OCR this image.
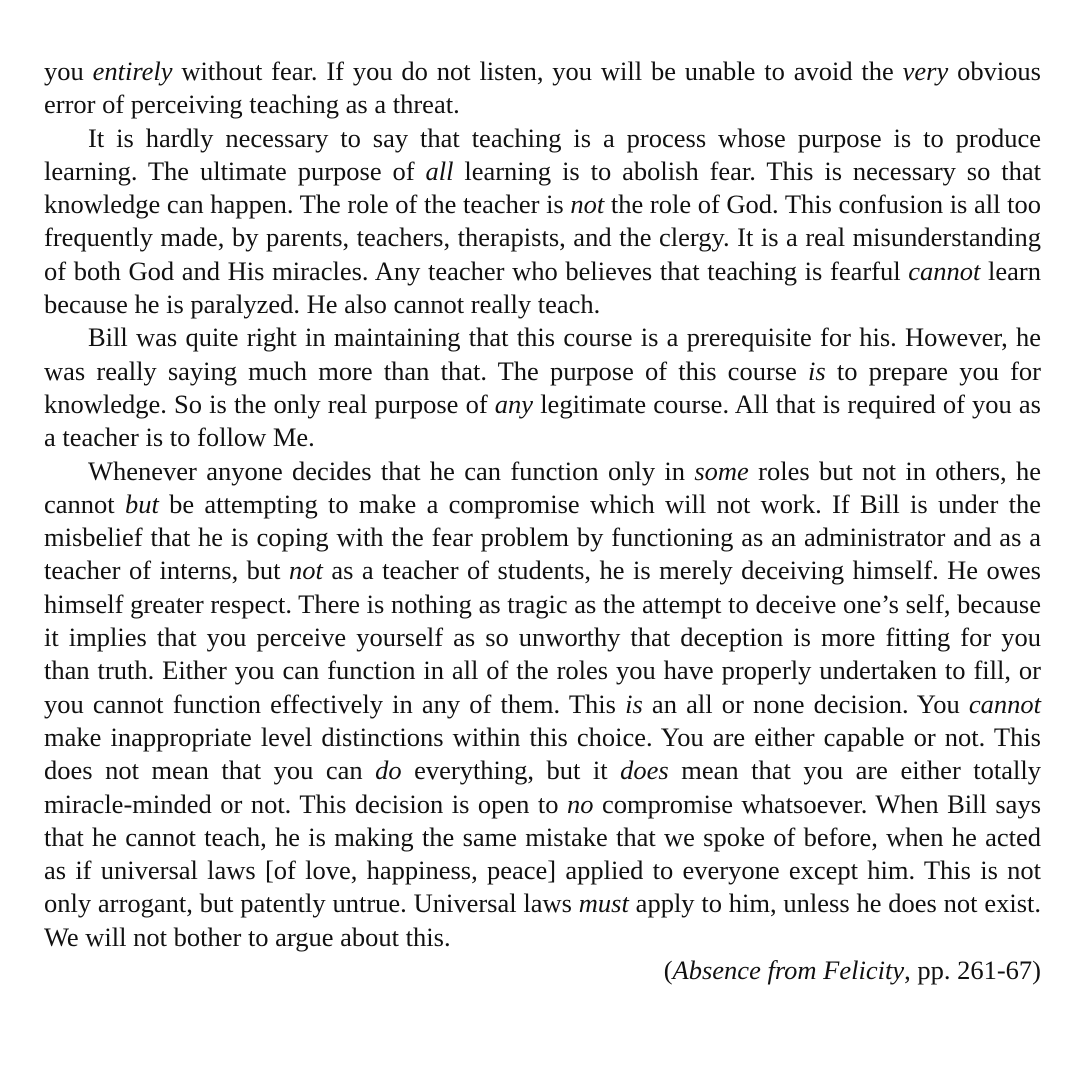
you entirely without fear. If you do not listen, you will be unable to avoid the very obvious error of perceiving teaching as a threat.

It is hardly necessary to say that teaching is a process whose purpose is to produce learning. The ultimate purpose of all learning is to abolish fear. This is necessary so that knowledge can happen. The role of the teacher is not the role of God. This confusion is all too frequently made, by parents, teachers, therapists, and the clergy. It is a real misunderstanding of both God and His miracles. Any teacher who believes that teaching is fearful cannot learn because he is paralyzed. He also cannot really teach.

Bill was quite right in maintaining that this course is a prerequisite for his. However, he was really saying much more than that. The purpose of this course is to prepare you for knowledge. So is the only real purpose of any legitimate course. All that is required of you as a teacher is to follow Me.

Whenever anyone decides that he can function only in some roles but not in others, he cannot but be attempting to make a compromise which will not work. If Bill is under the misbelief that he is coping with the fear problem by functioning as an administrator and as a teacher of interns, but not as a teacher of students, he is merely deceiving himself. He owes himself greater respect. There is nothing as tragic as the attempt to deceive one’s self, because it implies that you perceive yourself as so unworthy that deception is more fitting for you than truth. Either you can function in all of the roles you have properly undertaken to fill, or you cannot function effectively in any of them. This is an all or none decision. You cannot make inappropriate level distinctions within this choice. You are either capable or not. This does not mean that you can do everything, but it does mean that you are either totally miracle-minded or not. This decision is open to no compromise whatsoever. When Bill says that he cannot teach, he is making the same mistake that we spoke of before, when he acted as if universal laws [of love, happiness, peace] applied to everyone except him. This is not only arrogant, but patently untrue. Universal laws must apply to him, unless he does not exist. We will not bother to argue about this.

(Absence from Felicity, pp. 261-67)
